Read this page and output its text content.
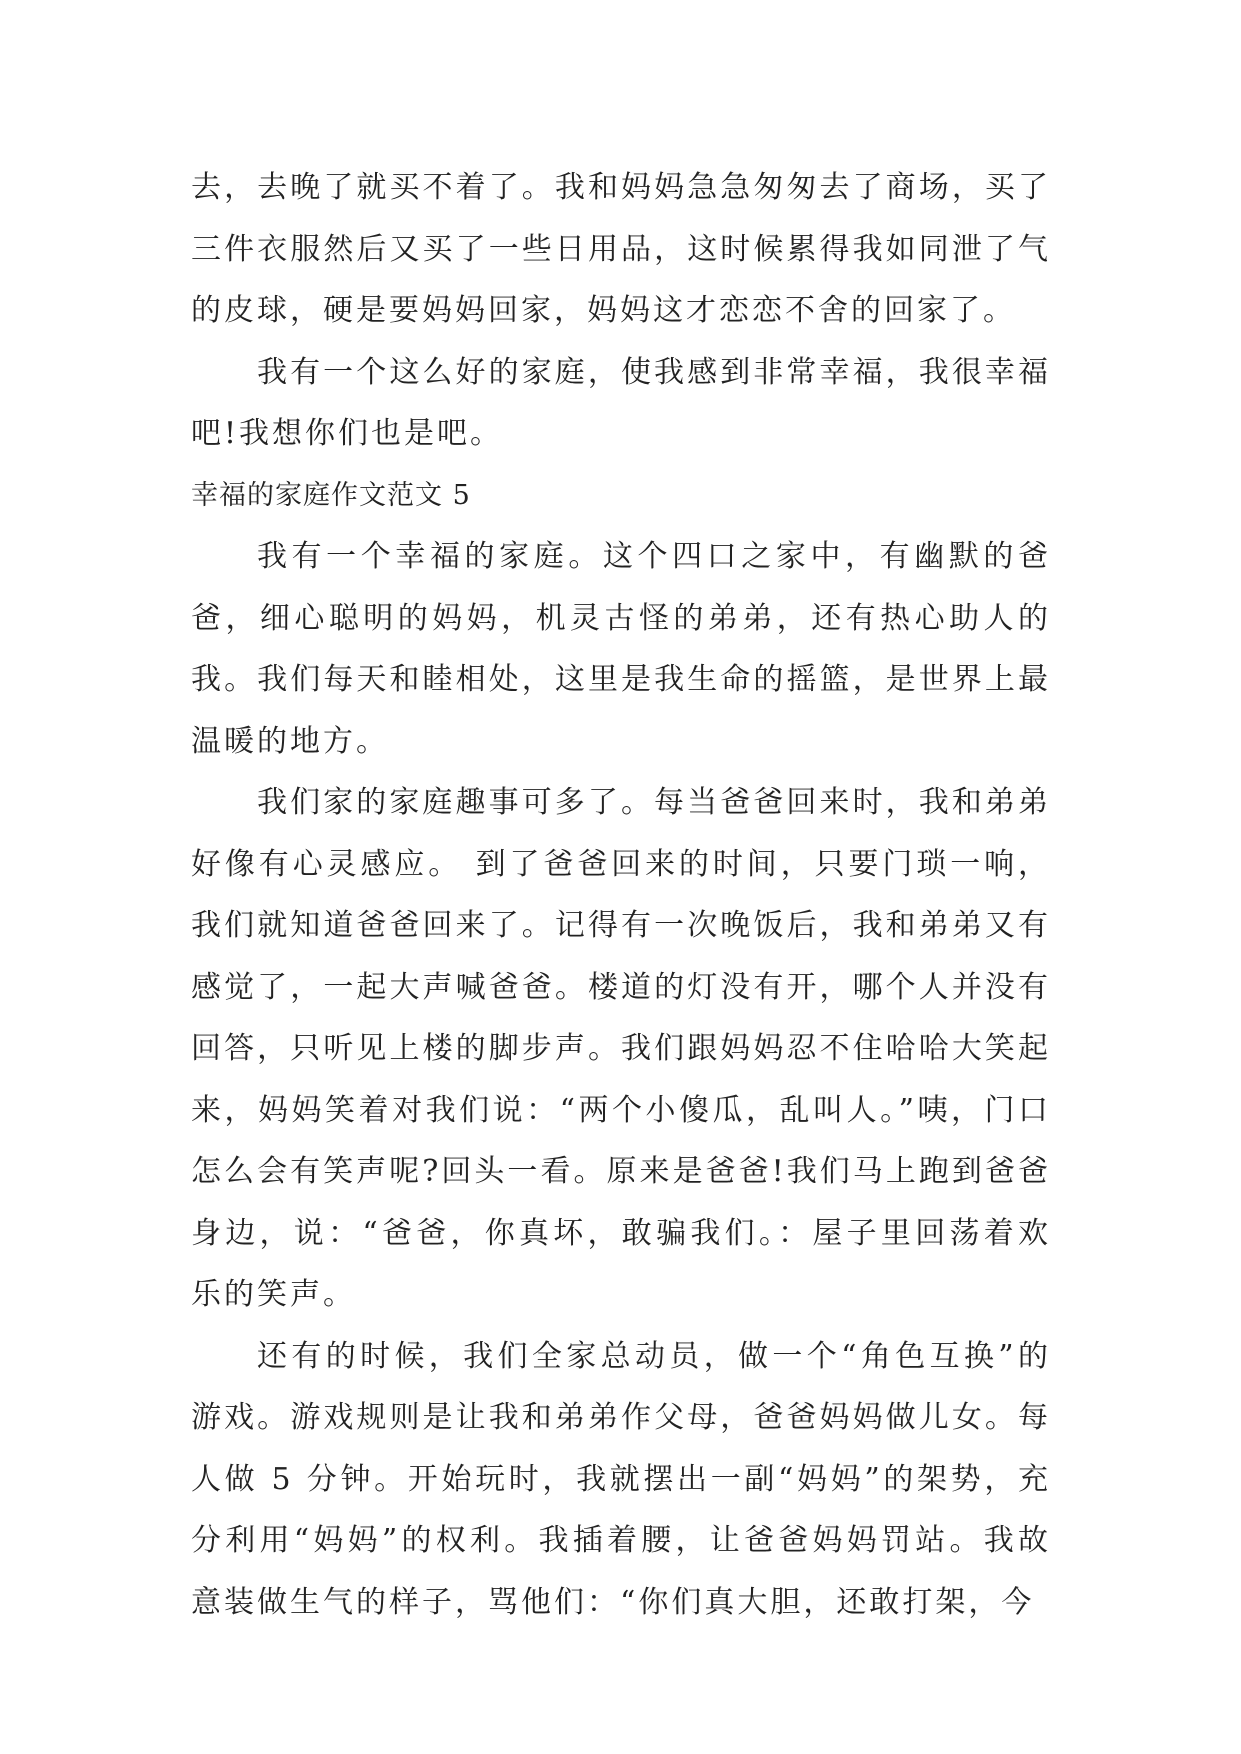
去，去晚了就买不着了。我和妈妈急急匆匆去了商场，买了三件衣服然后又买了一些日用品，这时候累得我如同泄了气的皮球，硬是要妈妈回家，妈妈这才恋恋不舍的回家了。

我有一个这么好的家庭，使我感到非常幸福，我很幸福吧!我想你们也是吧。

幸福的家庭作文范文 5

我有一个幸福的家庭。这个四口之家中，有幽默的爸爸，细心聪明的妈妈，机灵古怪的弟弟，还有热心助人的我。我们每天和睦相处，这里是我生命的摇篮，是世界上最温暖的地方。

我们家的家庭趣事可多了。每当爸爸回来时，我和弟弟好像有心灵感应。 到了爸爸回来的时间，只要门琐一响，我们就知道爸爸回来了。记得有一次晚饭后，我和弟弟又有感觉了，一起大声喊爸爸。楼道的灯没有开，哪个人并没有回答，只听见上楼的脚步声。我们跟妈妈忍不住哈哈大笑起来，妈妈笑着对我们说：“两个小傻瓜，乱叫人。”咦，门口怎么会有笑声呢?回头一看。原来是爸爸!我们马上跑到爸爸身边，说：“爸爸，你真坏，敢骗我们。：屋子里回荡着欢乐的笑声。

还有的时候，我们全家总动员，做一个“角色互换”的游戏。游戏规则是让我和弟弟作父母，爸爸妈妈做儿女。每人做 5 分钟。开始玩时，我就摆出一副“妈妈”的架势，充分利用“妈妈”的权利。我插着腰，让爸爸妈妈罚站。我故意装做生气的样子，骂他们：“你们真大胆，还敢打架，今
